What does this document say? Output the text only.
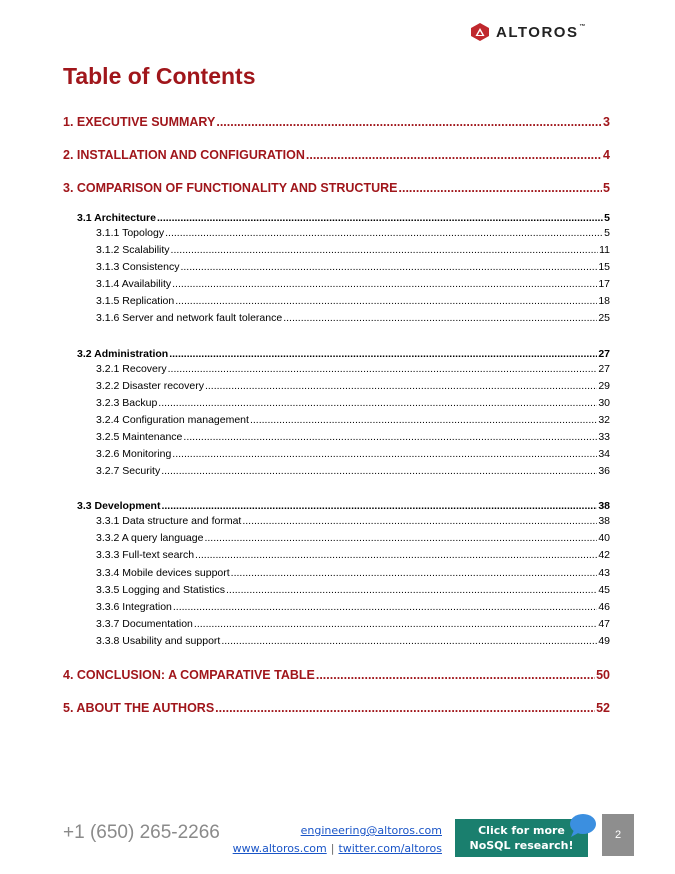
ALTOROS™
Table of Contents
1. EXECUTIVE SUMMARY .....	3
2. INSTALLATION AND CONFIGURATION .....	4
3. COMPARISON OF FUNCTIONALITY AND STRUCTURE .....	5
3.1 Architecture .....	5
3.1.1 Topology .....	5
3.1.2 Scalability .....	11
3.1.3 Consistency .....	15
3.1.4 Availability .....	17
3.1.5 Replication .....	18
3.1.6 Server and network fault tolerance .....	25
3.2 Administration .....	27
3.2.1 Recovery .....	27
3.2.2 Disaster recovery .....	29
3.2.3 Backup .....	30
3.2.4 Configuration management .....	32
3.2.5 Maintenance .....	33
3.2.6 Monitoring .....	34
3.2.7 Security .....	36
3.3 Development .....	38
3.3.1 Data structure and format .....	38
3.3.2 A query language .....	40
3.3.3 Full-text search .....	42
3.3.4 Mobile devices support .....	43
3.3.5 Logging and Statistics .....	45
3.3.6 Integration .....	46
3.3.7 Documentation .....	47
3.3.8 Usability and support .....	49
4. CONCLUSION: A COMPARATIVE TABLE .....	50
5. ABOUT THE AUTHORS .....	52
+1 (650) 265-2266	engineering@altoros.com
www.altoros.com | twitter.com/altoros
Click for more
NoSQL research!
2
